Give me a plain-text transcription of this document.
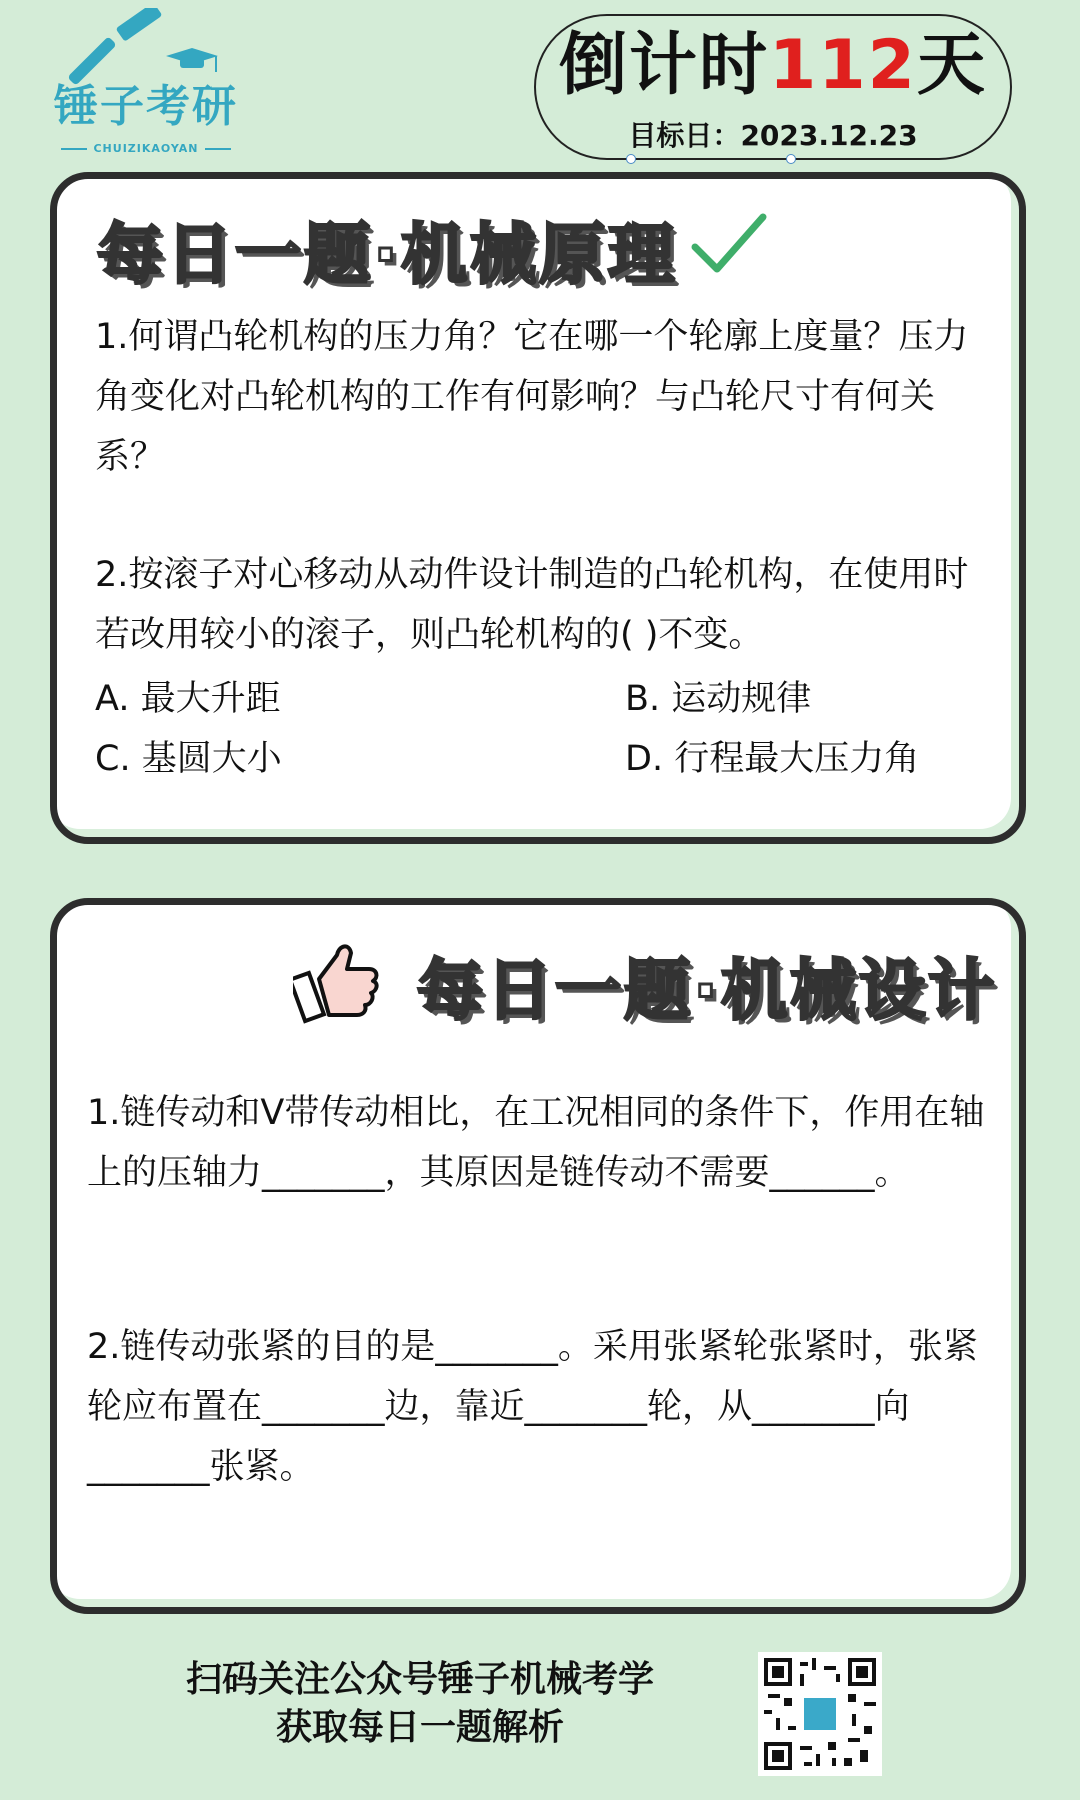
锤子考研
CHUIZIKAOYAN
倒计时112天
目标日：2023.12.23
每日一题·机械原理
1.何谓凸轮机构的压力角？它在哪一个轮廓上度量？压力角变化对凸轮机构的工作有何影响？与凸轮尺寸有何关系？
2.按滚子对心移动从动件设计制造的凸轮机构，在使用时若改用较小的滚子，则凸轮机构的( )不变。
A. 最大升距	B. 运动规律
C. 基圆大小	D. 行程最大压力角
每日一题·机械设计
1.链传动和V带传动相比，在工况相同的条件下，作用在轴上的压轴力_______，其原因是链传动不需要______。
2.链传动张紧的目的是_______。采用张紧轮张紧时，张紧轮应布置在_______边，靠近_______轮，从_______向_______张紧。
扫码关注公众号锤子机械考学
获取每日一题解析
